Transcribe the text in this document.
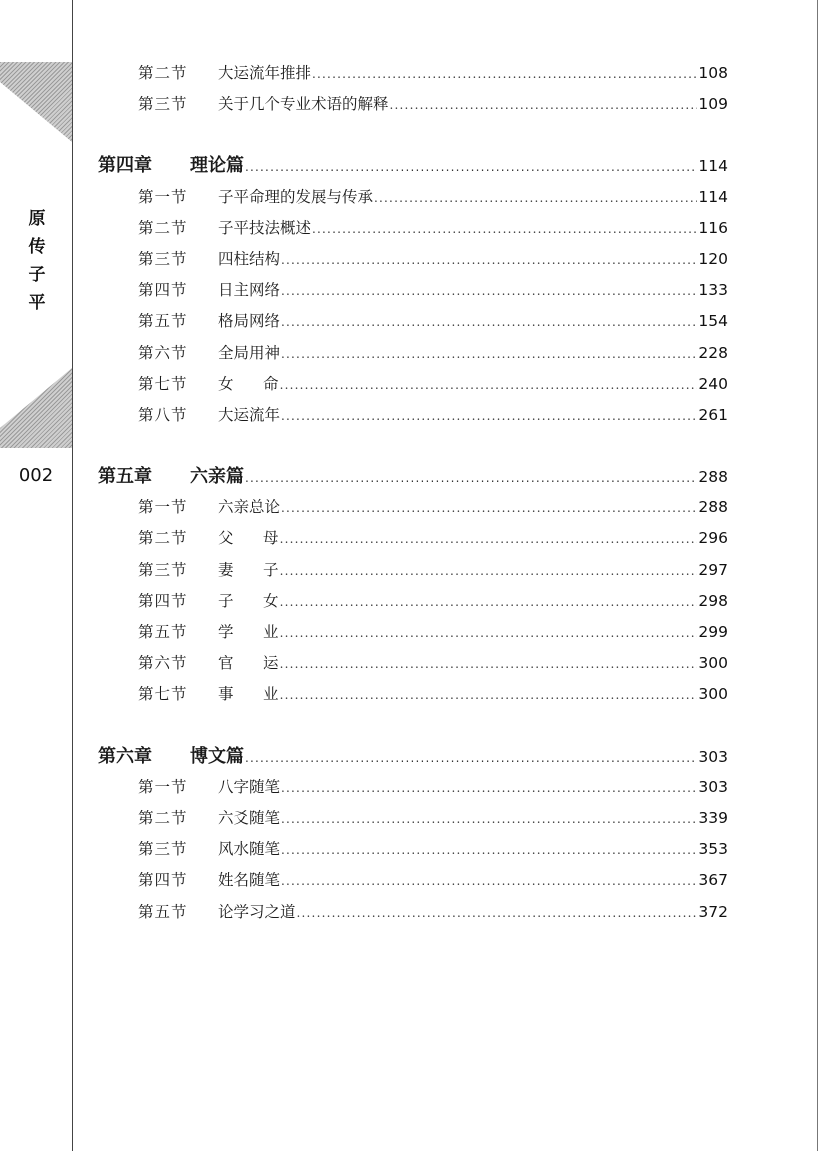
原
传
子
平
002
第二节	大运流年推排 .....	108
第三节	关于几个专业术语的解释 .....	109
第四章	理论篇 .....	114
第一节	子平命理的发展与传承 .....	114
第二节	子平技法概述 .....	116
第三节	四柱结构 .....	120
第四节	日主网络 .....	133
第五节	格局网络 .....	154
第六节	全局用神 .....	228
第七节	女      命 .....	240
第八节	大运流年 .....	261
第五章	六亲篇 .....	288
第一节	六亲总论 .....	288
第二节	父      母 .....	296
第三节	妻      子 .....	297
第四节	子      女 .....	298
第五节	学      业 .....	299
第六节	官      运 .....	300
第七节	事      业 .....	300
第六章	博文篇 .....	303
第一节	八字随笔 .....	303
第二节	六爻随笔 .....	339
第三节	风水随笔 .....	353
第四节	姓名随笔 .....	367
第五节	论学习之道 .....	372
